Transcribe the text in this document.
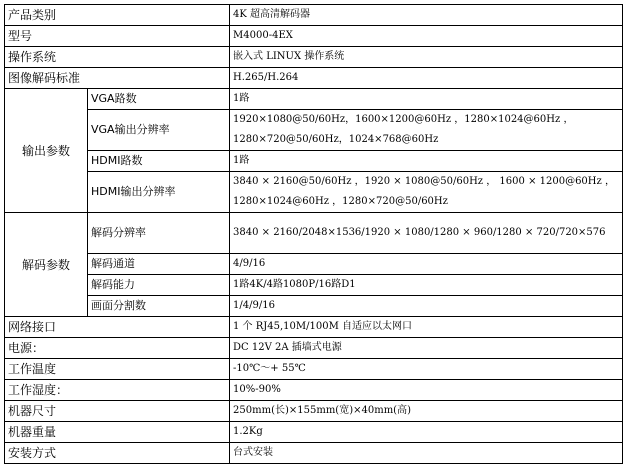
产品类别		4K 超高清解码器
型号		M4000-4EX
操作系统		嵌入式 LINUX 操作系统
图像解码标准		H.265/H.264
输出参数	VGA路数	1路
	VGA输出分辨率	1920×1080@50/60Hz，1600×1200@60Hz ，1280×1024@60Hz ，1280×720@50/60Hz，1024×768@60Hz
	HDMI路数	1路
	HDMI输出分辨率	3840 × 2160@50/60Hz ，1920 × 1080@50/60Hz ， 1600 × 1200@60Hz ，1280×1024@60Hz ，1280×720@50/60Hz
解码参数	解码分辨率	3840 × 2160/2048×1536/1920 × 1080/1280 × 960/1280 × 720/720×576
	解码通道	4/9/16
	解码能力	1路4K/4路1080P/16路D1
	画面分割数	1/4/9/16
网络接口		1 个 RJ45,10M/100M 自适应以太网口
电源：		DC 12V 2A 插墙式电源
工作温度		-10℃～+ 55℃
工作湿度：		10%-90%
机器尺寸		250mm(长)×155mm(宽)×40mm(高)
机器重量		1.2Kg
安装方式		台式安装
